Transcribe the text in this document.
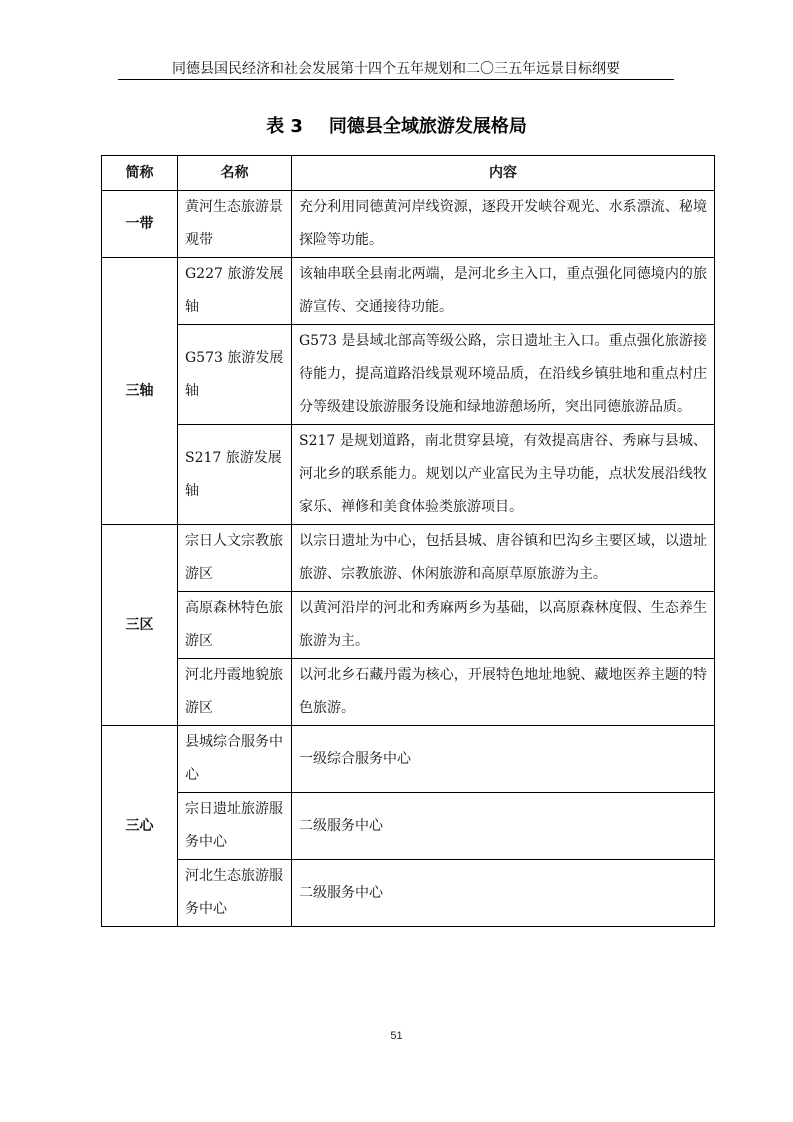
同德县国民经济和社会发展第十四个五年规划和二〇三五年远景目标纲要
表 3 同德县全域旅游发展格局
简称	名称	内容
一带	黄河生态旅游景观带	充分利用同德黄河岸线资源，逐段开发峡谷观光、水系漂流、秘境探险等功能。
三轴	G227 旅游发展轴	该轴串联全县南北两端，是河北乡主入口，重点强化同德境内的旅游宣传、交通接待功能。
	G573 旅游发展轴	G573 是县域北部高等级公路，宗日遗址主入口。重点强化旅游接待能力，提高道路沿线景观环境品质，在沿线乡镇驻地和重点村庄分等级建设旅游服务设施和绿地游憩场所，突出同德旅游品质。
	S217 旅游发展轴	S217 是规划道路，南北贯穿县境，有效提高唐谷、秀麻与县城、河北乡的联系能力。规划以产业富民为主导功能，点状发展沿线牧家乐、禅修和美食体验类旅游项目。
三区	宗日人文宗教旅游区	以宗日遗址为中心，包括县城、唐谷镇和巴沟乡主要区域，以遗址旅游、宗教旅游、休闲旅游和高原草原旅游为主。
	高原森林特色旅游区	以黄河沿岸的河北和秀麻两乡为基础，以高原森林度假、生态养生旅游为主。
	河北丹霞地貌旅游区	以河北乡石藏丹霞为核心，开展特色地址地貌、藏地医养主题的特色旅游。
三心	县城综合服务中心	一级综合服务中心
	宗日遗址旅游服务中心	二级服务中心
	河北生态旅游服务中心	二级服务中心
51
